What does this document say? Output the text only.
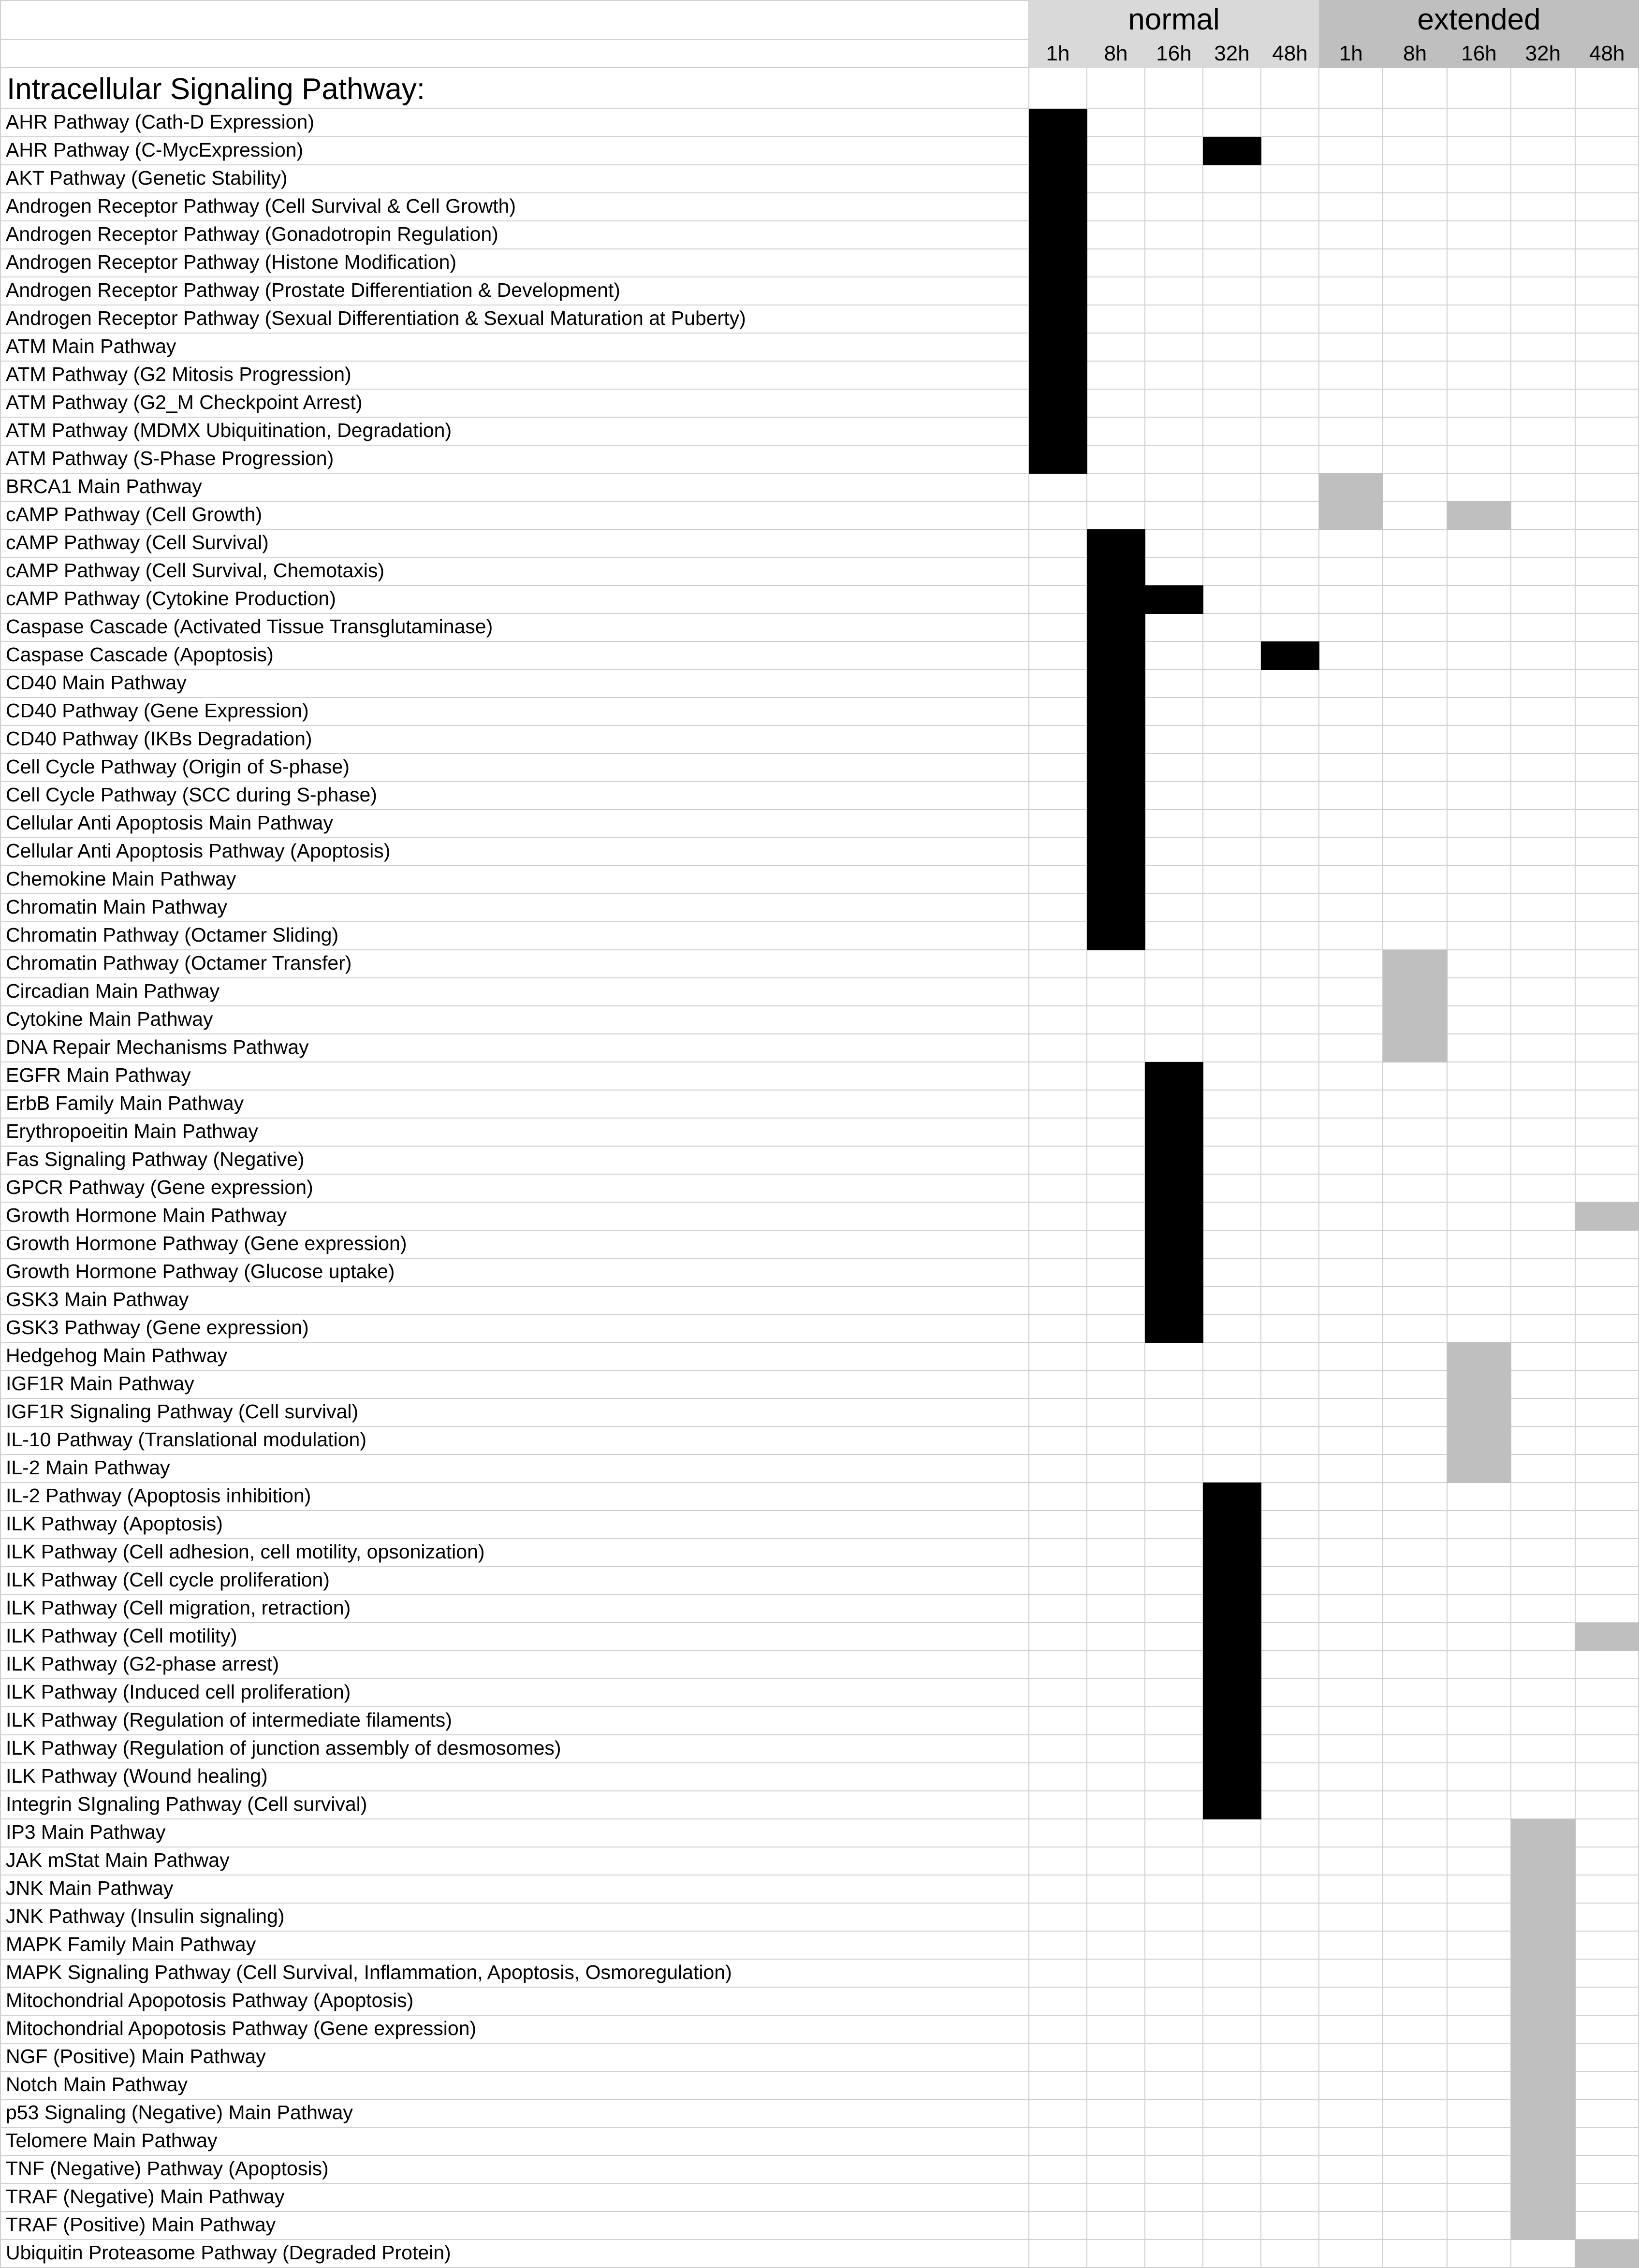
normal	extended
1h	8h	16h	32h	48h	1h	8h	16h	32h	48h
Intracellular Signaling Pathway:
AHR Pathway (Cath-D Expression)
AHR Pathway (C-MycExpression)
AKT Pathway (Genetic Stability)
Androgen Receptor Pathway (Cell Survival & Cell Growth)
Androgen Receptor Pathway (Gonadotropin Regulation)
Androgen Receptor Pathway (Histone Modification)
Androgen Receptor Pathway (Prostate Differentiation & Development)
Androgen Receptor Pathway (Sexual Differentiation & Sexual Maturation at Puberty)
ATM Main Pathway
ATM Pathway (G2 Mitosis Progression)
ATM Pathway (G2_M Checkpoint Arrest)
ATM Pathway (MDMX Ubiquitination, Degradation)
ATM Pathway (S-Phase Progression)
BRCA1 Main Pathway
cAMP Pathway (Cell Growth)
cAMP Pathway (Cell Survival)
cAMP Pathway (Cell Survival, Chemotaxis)
cAMP Pathway (Cytokine Production)
Caspase Cascade (Activated Tissue Transglutaminase)
Caspase Cascade (Apoptosis)
CD40 Main Pathway
CD40 Pathway (Gene Expression)
CD40 Pathway (IKBs Degradation)
Cell Cycle Pathway (Origin of S-phase)
Cell Cycle Pathway (SCC during S-phase)
Cellular Anti Apoptosis Main Pathway
Cellular Anti Apoptosis Pathway (Apoptosis)
Chemokine Main Pathway
Chromatin Main Pathway
Chromatin Pathway (Octamer Sliding)
Chromatin Pathway (Octamer Transfer)
Circadian Main Pathway
Cytokine Main Pathway
DNA Repair Mechanisms Pathway
EGFR Main Pathway
ErbB Family Main Pathway
Erythropoeitin Main Pathway
Fas Signaling Pathway (Negative)
GPCR Pathway (Gene expression)
Growth Hormone Main Pathway
Growth Hormone Pathway (Gene expression)
Growth Hormone Pathway (Glucose uptake)
GSK3 Main Pathway
GSK3 Pathway (Gene expression)
Hedgehog Main Pathway
IGF1R Main Pathway
IGF1R Signaling Pathway (Cell survival)
IL-10 Pathway (Translational modulation)
IL-2 Main Pathway
IL-2 Pathway (Apoptosis inhibition)
ILK Pathway (Apoptosis)
ILK Pathway (Cell adhesion, cell motility, opsonization)
ILK Pathway (Cell cycle proliferation)
ILK Pathway (Cell migration, retraction)
ILK Pathway (Cell motility)
ILK Pathway (G2-phase arrest)
ILK Pathway (Induced cell proliferation)
ILK Pathway (Regulation of intermediate filaments)
ILK Pathway (Regulation of junction assembly of desmosomes)
ILK Pathway (Wound healing)
Integrin SIgnaling Pathway (Cell survival)
IP3 Main Pathway
JAK mStat Main Pathway
JNK Main Pathway
JNK Pathway (Insulin signaling)
MAPK Family Main Pathway
MAPK Signaling Pathway (Cell Survival, Inflammation, Apoptosis, Osmoregulation)
Mitochondrial Apopotosis Pathway (Apoptosis)
Mitochondrial Apopotosis Pathway (Gene expression)
NGF (Positive) Main Pathway
Notch Main Pathway
p53 Signaling (Negative) Main Pathway
Telomere Main Pathway
TNF (Negative) Pathway (Apoptosis)
TRAF (Negative) Main Pathway
TRAF (Positive) Main Pathway
Ubiquitin Proteasome Pathway (Degraded Protein)
